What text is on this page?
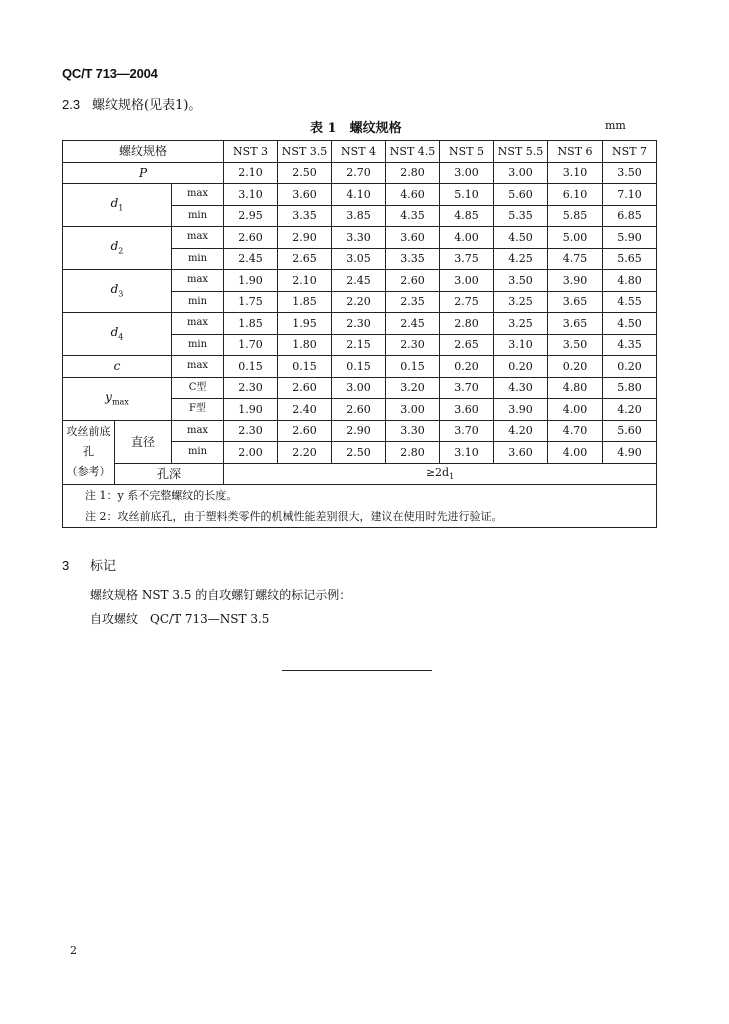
QC/T 713—2004
2.3 螺纹规格(见表1)。
表 1　螺纹规格	mm
螺纹规格			NST 3	NST 3.5	NST 4	NST 4.5	NST 5	NST 5.5	NST 6	NST 7
P			2.10	2.50	2.70	2.80	3.00	3.00	3.10	3.50
$d_1$		max	3.10	3.60	4.10	4.60	5.10	5.60	6.10	7.10
		min	2.95	3.35	3.85	4.35	4.85	5.35	5.85	6.85
$d_2$		max	2.60	2.90	3.30	3.60	4.00	4.50	5.00	5.90
		min	2.45	2.65	3.05	3.35	3.75	4.25	4.75	5.65
$d_3$		max	1.90	2.10	2.45	2.60	3.00	3.50	3.90	4.80
		min	1.75	1.85	2.20	2.35	2.75	3.25	3.65	4.55
$d_4$		max	1.85	1.95	2.30	2.45	2.80	3.25	3.65	4.50
		min	1.70	1.80	2.15	2.30	2.65	3.10	3.50	4.35
c		max	0.15	0.15	0.15	0.15	0.20	0.20	0.20	0.20
$y_{max}$		C型	2.30	2.60	3.00	3.20	3.70	4.30	4.80	5.80
		F型	1.90	2.40	2.60	3.00	3.60	3.90	4.00	4.20
攻丝前底孔
（参考）	直径	max	2.30	2.60	2.90	3.30	3.70	4.20	4.70	5.60
		min	2.00	2.20	2.50	2.80	3.10	3.60	4.00	4.90
	孔深		$\ge 2d_1$

注 1：y 系不完整螺纹的长度。
注 2：攻丝前底孔，由于塑料类零件的机械性能差别很大，建议在使用时先进行验证。										
3 标记
螺纹规格 NST 3.5 的自攻螺钉螺纹的标记示例：
自攻螺纹　QC/T 713—NST 3.5
2
